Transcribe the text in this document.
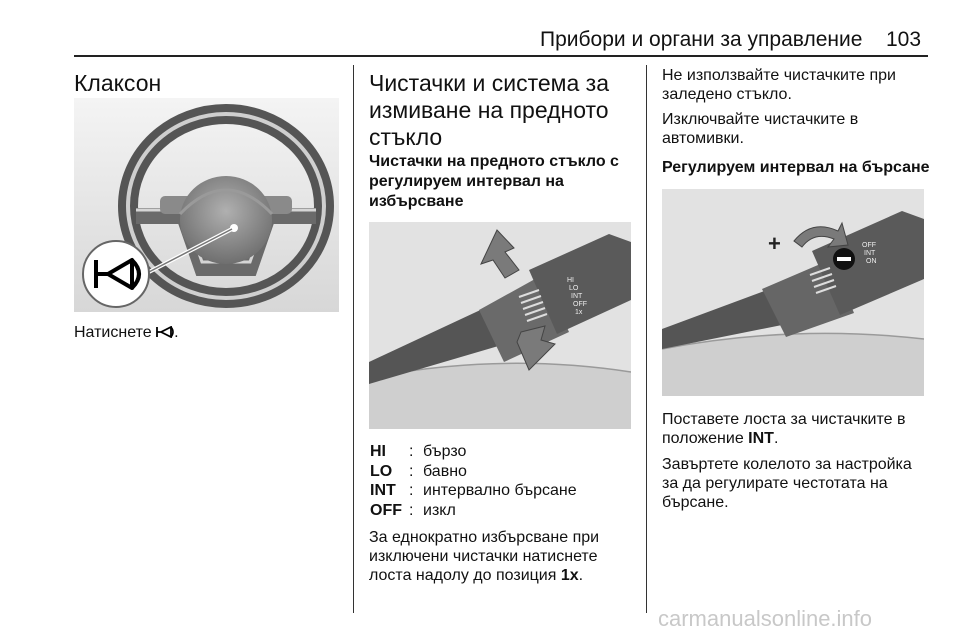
Прибори и органи за управление 103
Клаксон
Натиснете .
Чистачки и система за
измиване на предното
стъкло
Чистачки на предното стъкло с
регулируем интервал на
избърсване
HI
LO
INT
OFF
1x
HI	: бързо
LO	: бавно
INT : интервално бърсане
OFF : изкл
За еднократно избърсване при
изключени чистачки натиснете
лоста надолу до позиция 1x.
Не използвайте чистачките при
заледено стъкло.
Изключвайте чистачките в
автомивки.
Регулируем интервал на бърсане
OFF
INT
ON
+
Поставете лоста за чистачките в
положение INT.
Завъртете колелото за настройка
за да регулирате честотата на
бърсане.
carmanualsonline.info
